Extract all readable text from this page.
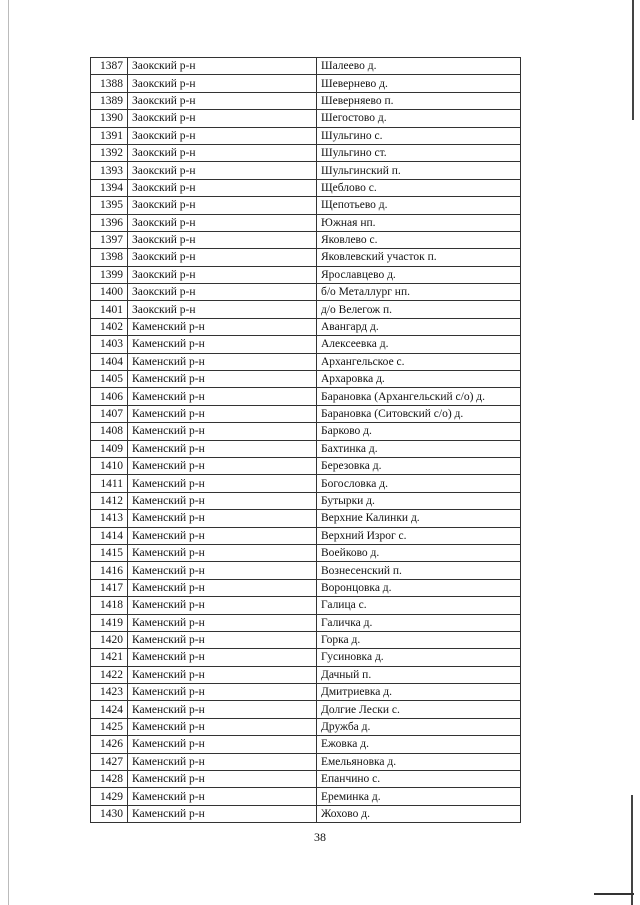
1387	Заокский р-н	Шалеево д.
1388	Заокский р-н	Шевернево д.
1389	Заокский р-н	Шеверняево п.
1390	Заокский р-н	Шегостово д.
1391	Заокский р-н	Шульгино с.
1392	Заокский р-н	Шульгино ст.
1393	Заокский р-н	Шульгинский п.
1394	Заокский р-н	Щеблово с.
1395	Заокский р-н	Щепотьево д.
1396	Заокский р-н	Южная нп.
1397	Заокский р-н	Яковлево с.
1398	Заокский р-н	Яковлевский участок п.
1399	Заокский р-н	Ярославцево д.
1400	Заокский р-н	б/о Металлург нп.
1401	Заокский р-н	д/о Велегож п.
1402	Каменский р-н	Авангард д.
1403	Каменский р-н	Алексеевка д.
1404	Каменский р-н	Архангельское с.
1405	Каменский р-н	Архаровка д.
1406	Каменский р-н	Барановка (Архангельский с/о) д.
1407	Каменский р-н	Барановка (Ситовский с/о) д.
1408	Каменский р-н	Барково д.
1409	Каменский р-н	Бахтинка д.
1410	Каменский р-н	Березовка д.
1411	Каменский р-н	Богословка д.
1412	Каменский р-н	Бутырки д.
1413	Каменский р-н	Верхние Калинки д.
1414	Каменский р-н	Верхний Изрог с.
1415	Каменский р-н	Воейково д.
1416	Каменский р-н	Вознесенский п.
1417	Каменский р-н	Воронцовка д.
1418	Каменский р-н	Галица с.
1419	Каменский р-н	Галичка д.
1420	Каменский р-н	Горка д.
1421	Каменский р-н	Гусиновка д.
1422	Каменский р-н	Дачный п.
1423	Каменский р-н	Дмитриевка д.
1424	Каменский р-н	Долгие Лески с.
1425	Каменский р-н	Дружба д.
1426	Каменский р-н	Ежовка д.
1427	Каменский р-н	Емельяновка д.
1428	Каменский р-н	Епанчино с.
1429	Каменский р-н	Ереминка д.
1430	Каменский р-н	Жохово д.
38
